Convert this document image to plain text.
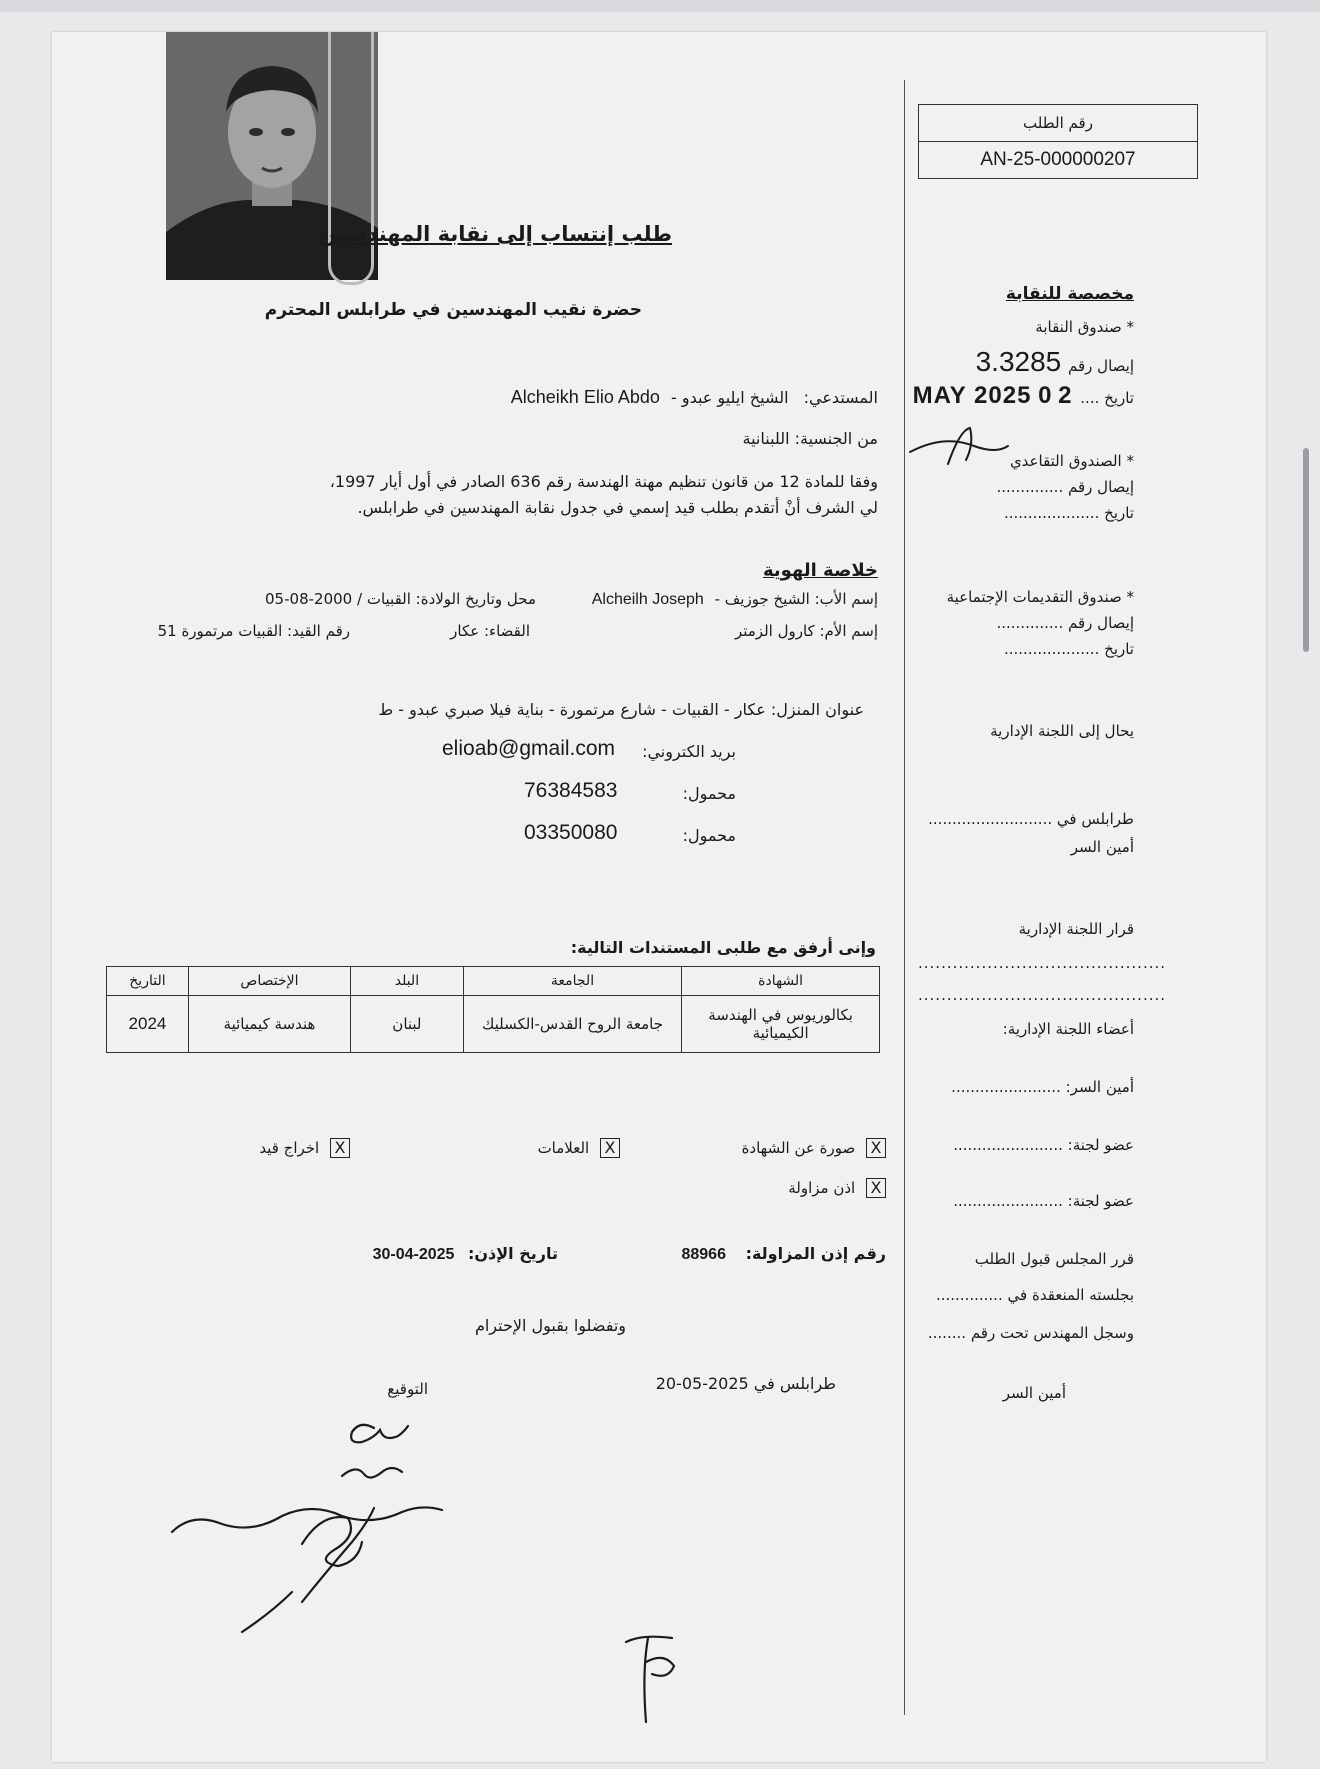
طلب إنتساب إلى نقابة المهندسين
حضرة نقيب المهندسين في طرابلس المحترم
المستدعي: الشيخ ايليو عبدو - Alcheikh Elio Abdo
من الجنسية: اللبنانية
وفقا للمادة 12 من قانون تنظيم مهنة الهندسة رقم 636 الصادر في أول أيار 1997،
لي الشرف أنْ أتقدم بطلب قيد إسمي في جدول نقابة المهندسين في طرابلس.
خلاصة الهوية
إسم الأب: الشيخ جوزيف - Alcheilh Joseph
محل وتاريخ الولادة: القبيات / 2000-08-05
إسم الأم: كارول الزمتر
القضاء: عكار
رقم القيد: القبيات مرتمورة 51
عنوان المنزل: عكار - القبيات - شارع مرتمورة - بناية فيلا صبري عبدو - ط
بريد الكتروني:
elioab@gmail.com
محمول:
76384583
محمول:
03350080
وإنى أرفق مع طلبى المستندات التالية:
الشهادة	الجامعة	البلد	الإختصاص	التاريخ
بكالوريوس في الهندسة الكيميائية	جامعة الروح القدس-الكسليك	لبنان	هندسة كيميائية	2024
X صورة عن الشهادة
X العلامات
X اخراج قيد
X اذن مزاولة
رقم إذن المزاولة: 88966
تاريخ الإذن: 2025-04-30
وتفضلوا بقبول الإحترام
طرابلس في 2025-05-20
التوقيع
رقم الطلب
AN-25-000000207
مخصصة للنقابة
* صندوق النقابة
إيصال رقم 3.3285
تاريخ .... 2 0 MAY 2025
* الصندوق التقاعدي
إيصال رقم ..............
تاريخ ....................
* صندوق التقديمات الإجتماعية
إيصال رقم ..............
تاريخ ....................
يحال إلى اللجنة الإدارية
طرابلس في ..........................
أمين السر
قرار اللجنة الإدارية
...........................................
...........................................
أعضاء اللجنة الإدارية:
أمين السر: .......................
عضو لجنة: .......................
عضو لجنة: .......................
قرر المجلس قبول الطلب
بجلسته المنعقدة في ..............
وسجل المهندس تحت رقم ........
أمين السر
